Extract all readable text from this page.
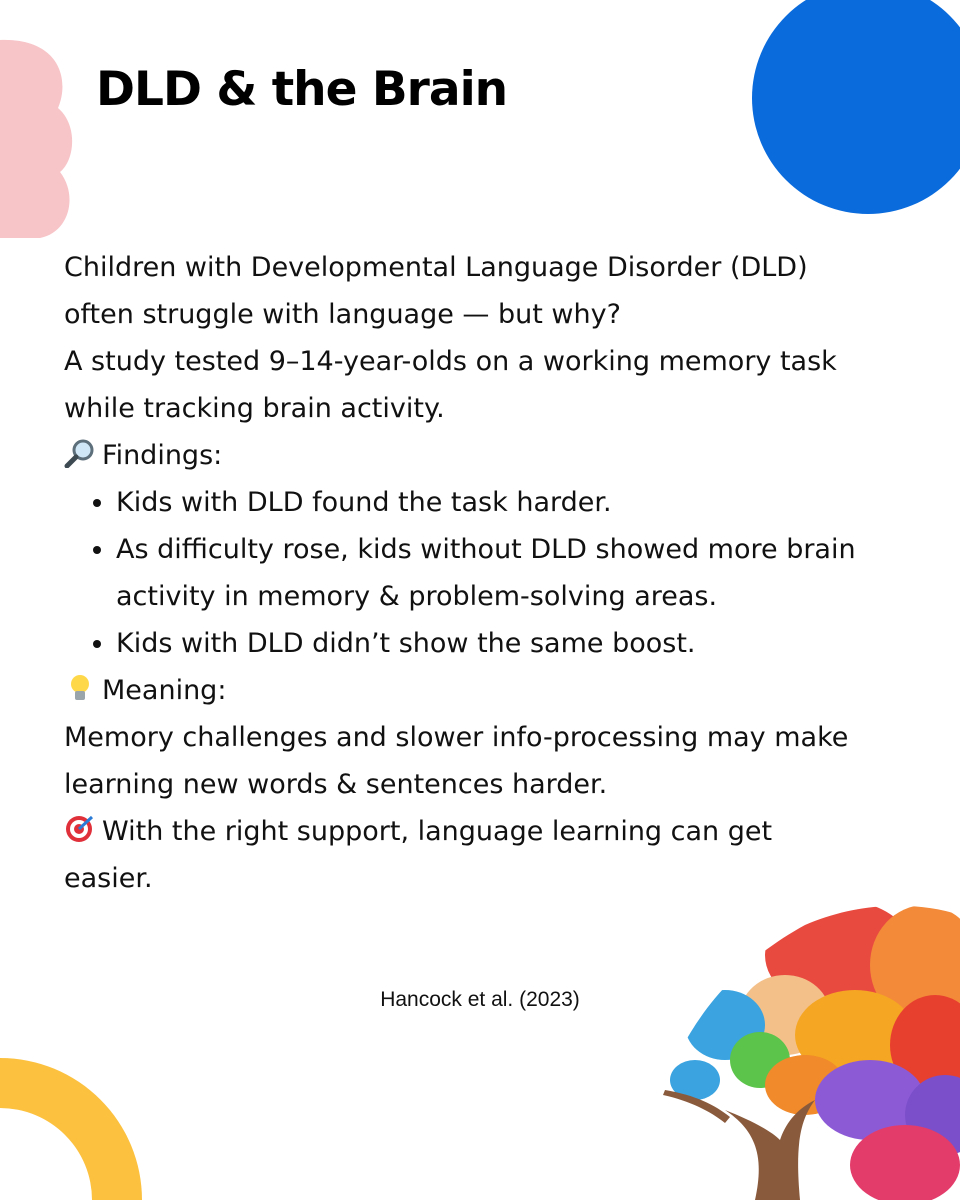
DLD & the Brain

Children with Developmental Language Disorder (DLD) often struggle with language — but why?

A study tested 9–14-year-olds on a working memory task while tracking brain activity.

Findings:

• Kids with DLD found the task harder.
• As difficulty rose, kids without DLD showed more brain activity in memory & problem-solving areas.
• Kids with DLD didn’t show the same boost.

Meaning:

Memory challenges and slower info-processing may make learning new words & sentences harder.

With the right support, language learning can get easier.

Hancock et al. (2023)
